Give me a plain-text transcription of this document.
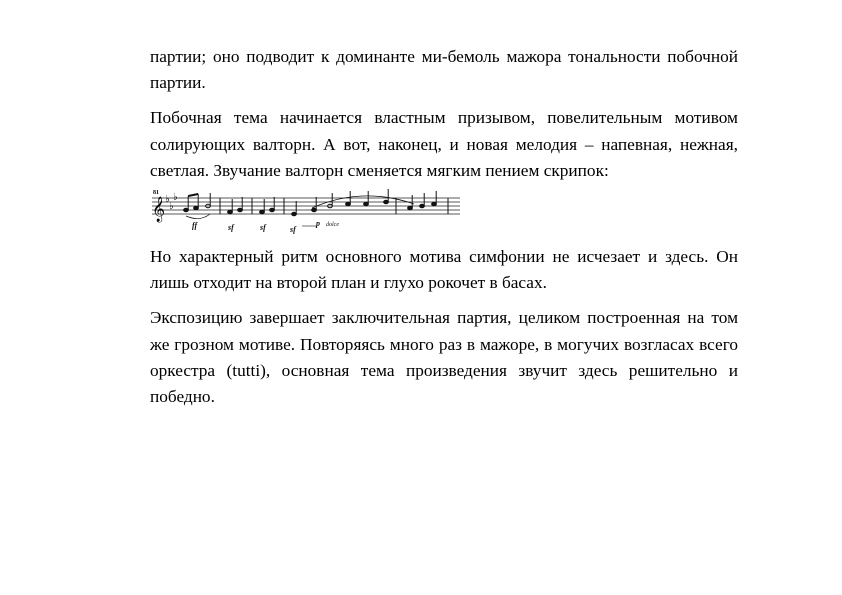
партии; оно подводит к доминанте ми-бемоль мажора тональности побочной партии.

Побочная тема начинается властным призывом, повелительным мотивом солирующих валторн. А вот, наконец, и новая мелодия – напевная, нежная, светлая. Звучание валторн сменяется мягким пением скрипок:

81
𝄞 ♭
♭
♭
ff	sf	sf	sf
p dolce

Но характерный ритм основного мотива симфонии не исчезает и здесь. Он лишь отходит на второй план и глухо рокочет в басах.

Экспозицию завершает заключительная партия, целиком построенная на том же грозном мотиве. Повторяясь много раз в мажоре, в могучих возгласах всего оркестра (tutti), основная тема произведения звучит здесь решительно и победно.
